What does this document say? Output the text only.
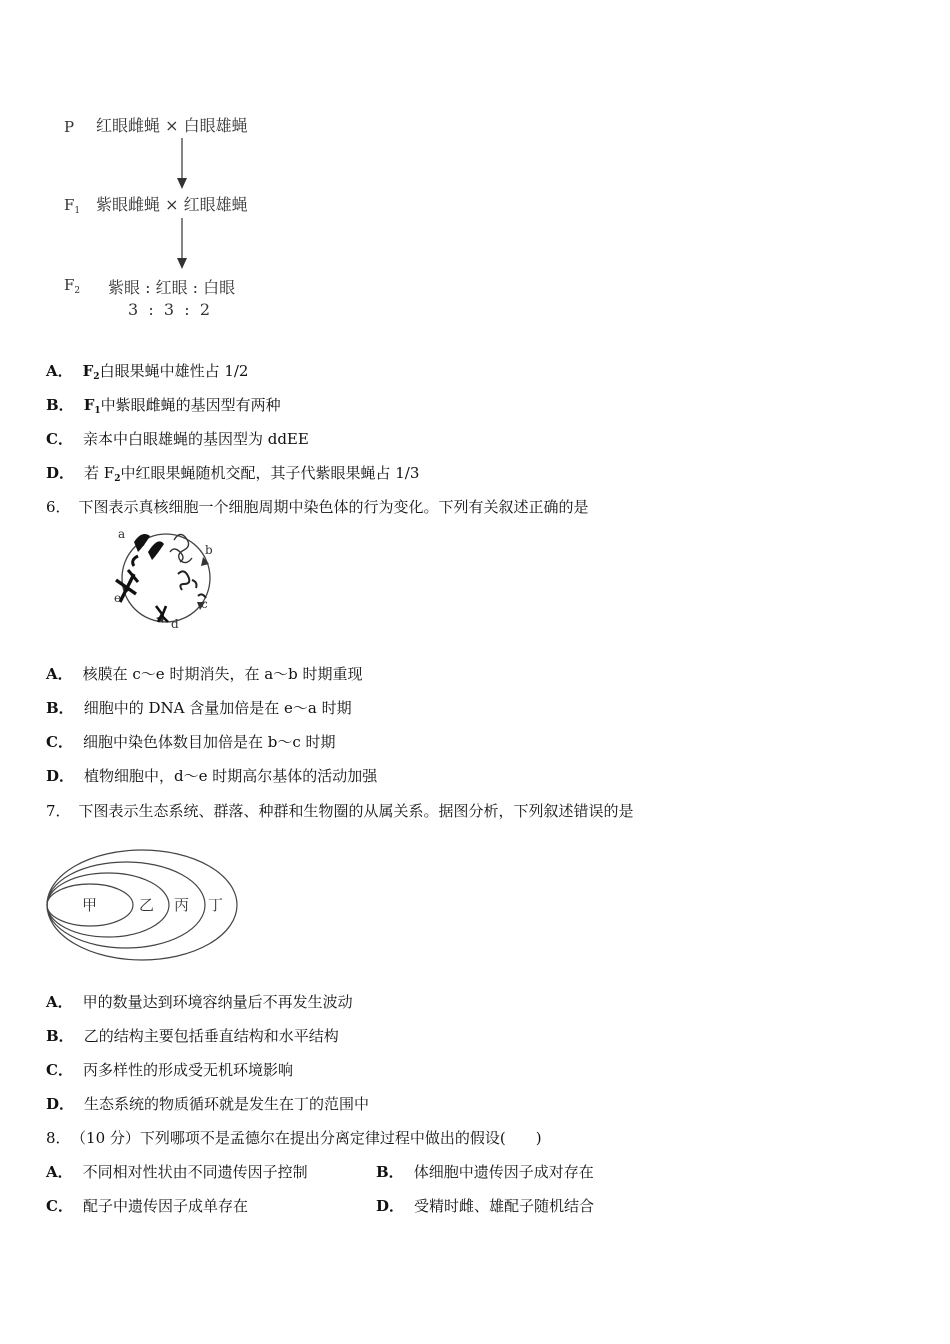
P 红眼雌蝇 × 白眼雄蝇
$F_1$ 紫眼雌蝇 × 红眼雄蝇
$F_2$ 紫眼 : 红眼 : 白眼
3  :  3  :  2
A． $F_2$白眼果蝇中雄性占 1/2
B． $F_1$中紫眼雌蝇的基因型有两种
C． 亲本中白眼雄蝇的基因型为 ddEE
D． 若 $F_2$中红眼果蝇随机交配，其子代紫眼果蝇占 1/3
6． 下图表示真核细胞一个细胞周期中染色体的行为变化。下列有关叙述正确的是
a
b
c
d
e
A． 核膜在 c～e 时期消失，在 a～b 时期重现
B． 细胞中的 DNA 含量加倍是在 e～a 时期
C． 细胞中染色体数目加倍是在 b～c 时期
D． 植物细胞中，d～e 时期高尔基体的活动加强
7． 下图表示生态系统、群落、种群和生物圈的从属关系。据图分析，下列叙述错误的是
甲	乙 丙 丁
A． 甲的数量达到环境容纳量后不再发生波动
B． 乙的结构主要包括垂直结构和水平结构
C． 丙多样性的形成受无机环境影响
D． 生态系统的物质循环就是发生在丁的范围中
8． （10 分）下列哪项不是孟德尔在提出分离定律过程中做出的假设(　　)
A． 不同相对性状由不同遗传因子控制	B． 体细胞中遗传因子成对存在
C． 配子中遗传因子成单存在	D． 受精时雌、雄配子随机结合
